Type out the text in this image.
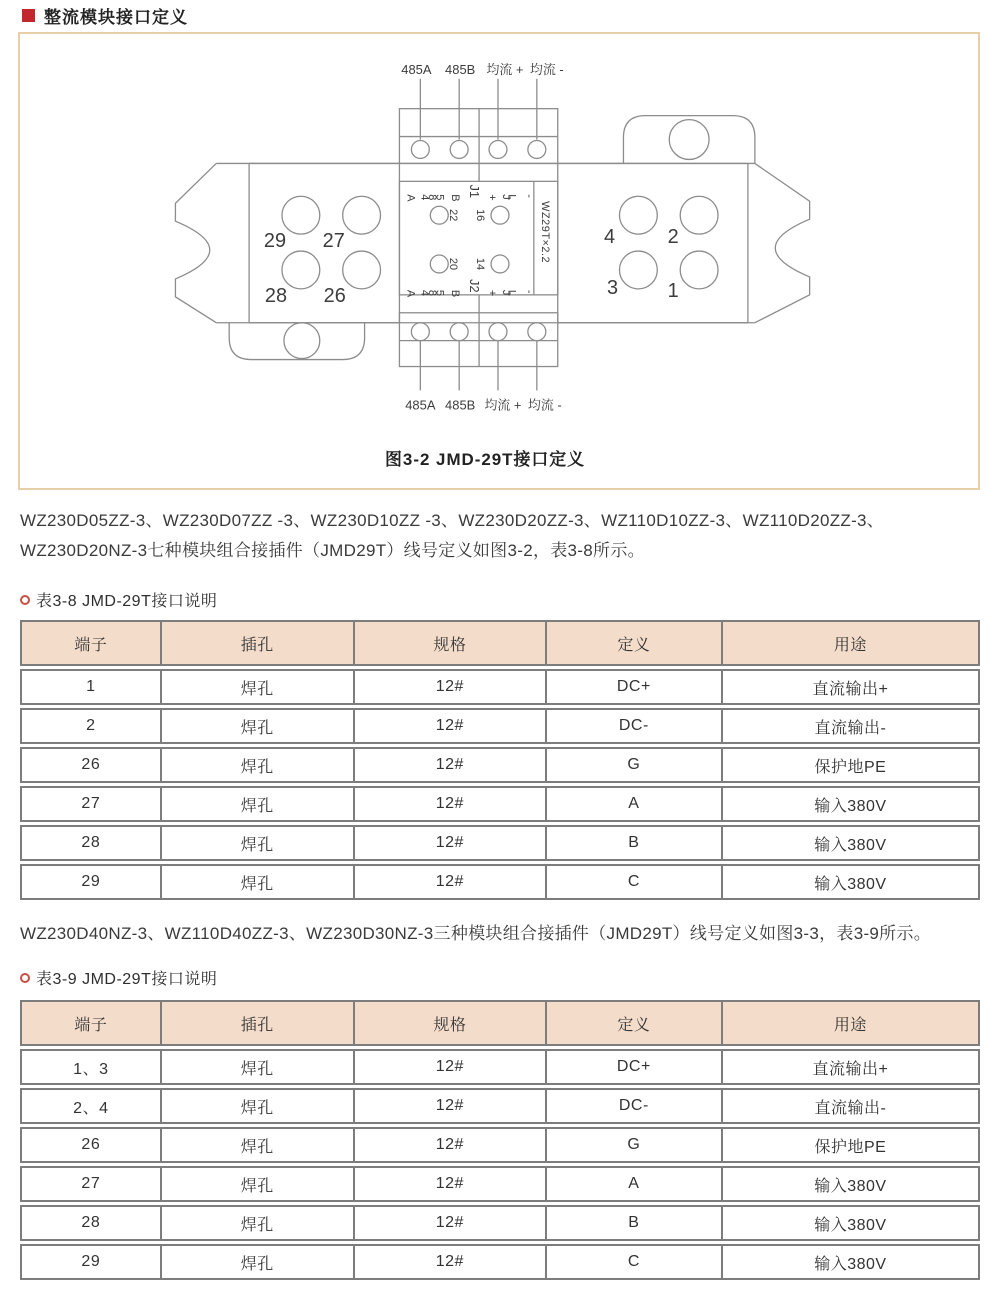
整流模块接口定义
29 27
28 26
4	2
3 1
485A 485B 均流 + 均流 -
A 485 B J1 + JL -
22 16
20 14
A 485 B
J2
+ JL -
WZ29T×2.2
485A 485B 均流 + 均流 -
图3-2 JMD-29T接口定义

WZ230D05ZZ-3、WZ230D07ZZ -3、WZ230D10ZZ -3、WZ230D20ZZ-3、WZ110D10ZZ-3、WZ110D20ZZ-3、WZ230D20NZ-3七种模块组合接插件（JMD29T）线号定义如图3-2，表3-8所示。

表3-8 JMD-29T接口说明
端子	插孔	规格	定义	用途
1	焊孔	12#	DC+	直流输出+
2	焊孔	12#	DC-	直流输出-
26	焊孔	12#	G	保护地PE
27	焊孔	12#	A	输入380V
28	焊孔	12#	B	输入380V
29	焊孔	12#	C	输入380V

WZ230D40NZ-3、WZ110D40ZZ-3、WZ230D30NZ-3三种模块组合接插件（JMD29T）线号定义如图3-3，表3-9所示。

表3-9 JMD-29T接口说明
端子	插孔	规格	定义	用途
1、3	焊孔	12#	DC+	直流输出+
2、4	焊孔	12#	DC-	直流输出-
26	焊孔	12#	G	保护地PE
27	焊孔	12#	A	输入380V
28	焊孔	12#	B	输入380V
29	焊孔	12#	C	输入380V
